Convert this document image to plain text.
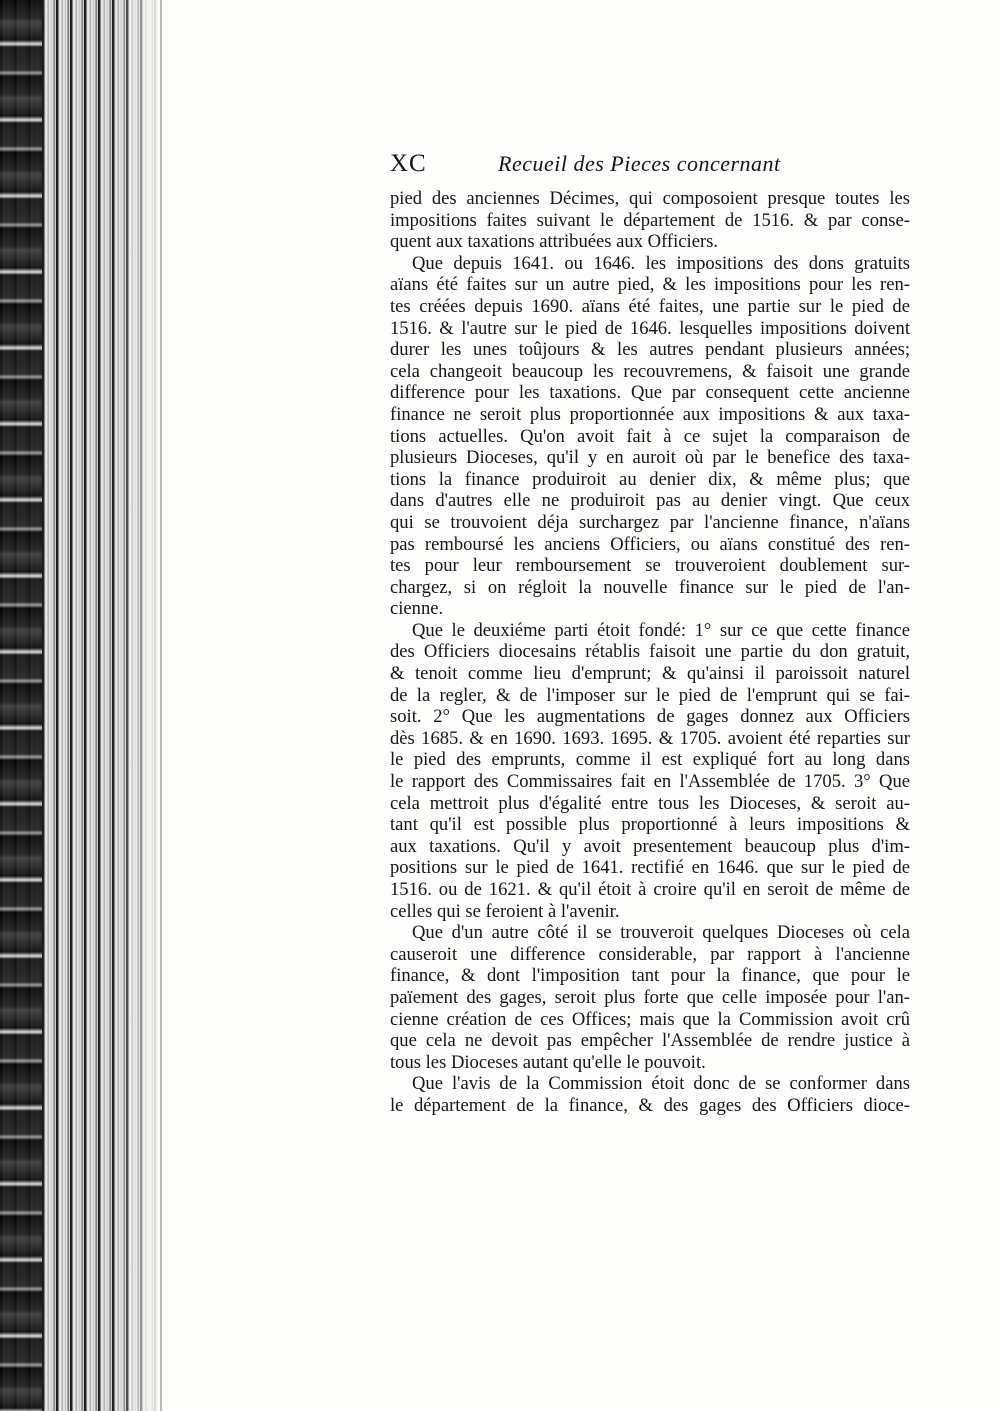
XC	Recueil des Pieces concernant

pied des anciennes Décimes, qui composoient presque toutes les
impositions faites suivant le département de 1516. & par conse-
quent aux taxations attribuées aux Officiers.

Que depuis 1641. ou 1646. les impositions des dons gratuits
aïans été faites sur un autre pied, & les impositions pour les ren-
tes créées depuis 1690. aïans été faites, une partie sur le pied de
1516. & l'autre sur le pied de 1646. lesquelles impositions doivent
durer les unes toûjours & les autres pendant plusieurs années;
cela changeoit beaucoup les recouvremens, & faisoit une grande
difference pour les taxations. Que par consequent cette ancienne
finance ne seroit plus proportionnée aux impositions & aux taxa-
tions actuelles. Qu'on avoit fait à ce sujet la comparaison de
plusieurs Dioceses, qu'il y en auroit où par le benefice des taxa-
tions la finance produiroit au denier dix, & même plus; que
dans d'autres elle ne produiroit pas au denier vingt. Que ceux
qui se trouvoient déja surchargez par l'ancienne finance, n'aïans
pas remboursé les anciens Officiers, ou aïans constitué des ren-
tes pour leur remboursement se trouveroient doublement sur-
chargez, si on régloit la nouvelle finance sur le pied de l'an-
cienne.

Que le deuxiéme parti étoit fondé: 1° sur ce que cette finance
des Officiers diocesains rétablis faisoit une partie du don gratuit,
& tenoit comme lieu d'emprunt; & qu'ainsi il paroissoit naturel
de la regler, & de l'imposer sur le pied de l'emprunt qui se fai-
soit. 2° Que les augmentations de gages donnez aux Officiers
dès 1685. & en 1690. 1693. 1695. & 1705. avoient été reparties sur
le pied des emprunts, comme il est expliqué fort au long dans
le rapport des Commissaires fait en l'Assemblée de 1705. 3° Que
cela mettroit plus d'égalité entre tous les Dioceses, & seroit au-
tant qu'il est possible plus proportionné à leurs impositions &
aux taxations. Qu'il y avoit presentement beaucoup plus d'im-
positions sur le pied de 1641. rectifié en 1646. que sur le pied de
1516. ou de 1621. & qu'il étoit à croire qu'il en seroit de même de
celles qui se feroient à l'avenir.

Que d'un autre côté il se trouveroit quelques Dioceses où cela
causeroit une difference considerable, par rapport à l'ancienne
finance, & dont l'imposition tant pour la finance, que pour le
païement des gages, seroit plus forte que celle imposée pour l'an-
cienne création de ces Offices; mais que la Commission avoit crû
que cela ne devoit pas empêcher l'Assemblée de rendre justice à
tous les Dioceses autant qu'elle le pouvoit.

Que l'avis de la Commission étoit donc de se conformer dans
le département de la finance, & des gages des Officiers dioce-
